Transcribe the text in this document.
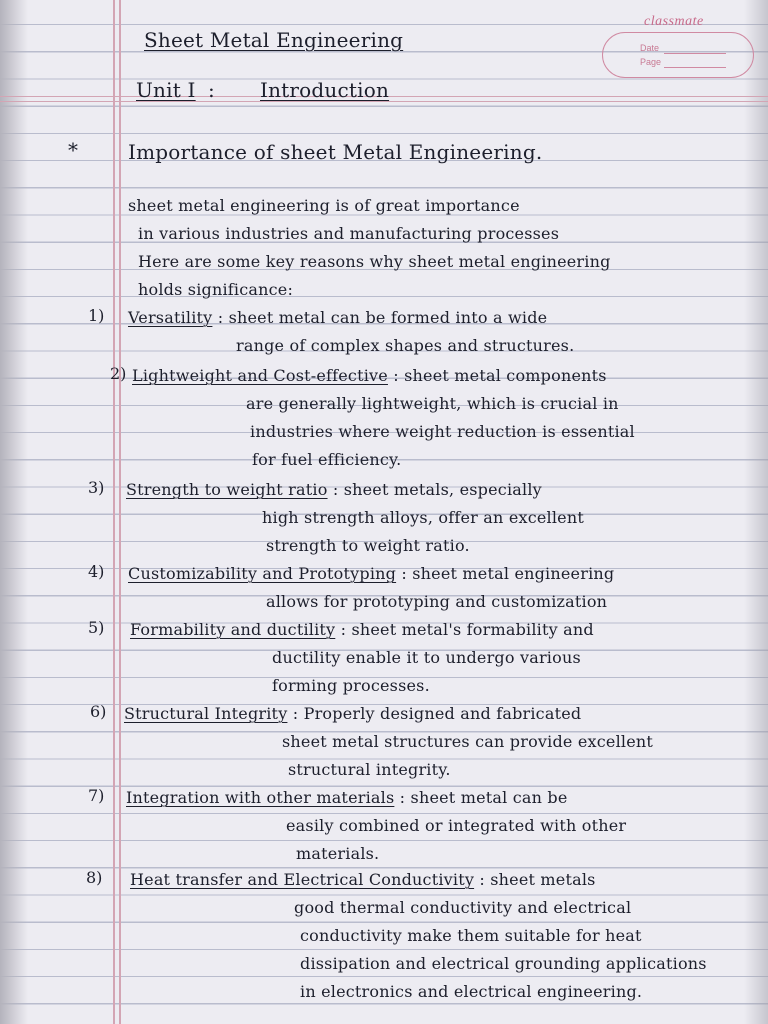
classmate
Date
Page
Sheet Metal Engineering
Unit I : Introduction
* Importance of sheet Metal Engineering.
sheet metal engineering is of great importance
in various industries and manufacturing processes
Here are some key reasons why sheet metal engineering
holds significance:
1) Versatility : sheet metal can be formed into a wide
range of complex shapes and structures.
2) Lightweight and Cost-effective : sheet metal components
are generally lightweight, which is crucial in
industries where weight reduction is essential
for fuel efficiency.
3) Strength to weight ratio : sheet metals, especially
high strength alloys, offer an excellent
strength to weight ratio.
4) Customizability and Prototyping : sheet metal engineering
allows for prototyping and customization
5) Formability and ductility : sheet metal's formability and
ductility enable it to undergo various
forming processes.
6) Structural Integrity : Properly designed and fabricated
sheet metal structures can provide excellent
structural integrity.
7) Integration with other materials : sheet metal can be
easily combined or integrated with other
materials.
8) Heat transfer and Electrical Conductivity : sheet metals
good thermal conductivity and electrical
conductivity make them suitable for heat
dissipation and electrical grounding applications
in electronics and electrical engineering.
